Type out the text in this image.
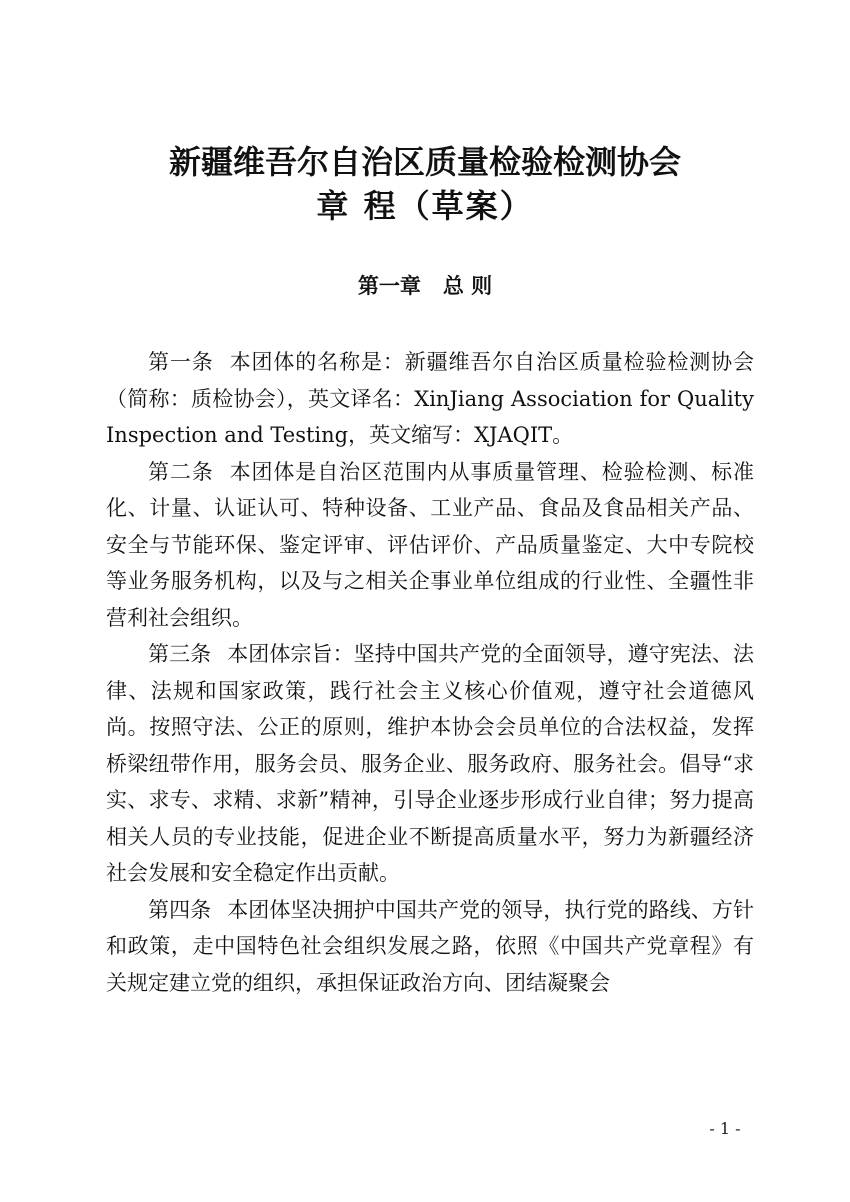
新疆维吾尔自治区质量检验检测协会
章 程（草案）
第一章 总 则

第一条 本团体的名称是：新疆维吾尔自治区质量检验检测协会（简称：质检协会），英文译名：XinJiang Association for Quality Inspection and Testing，英文缩写：XJAQIT。

第二条 本团体是自治区范围内从事质量管理、检验检测、标准化、计量、认证认可、特种设备、工业产品、食品及食品相关产品、安全与节能环保、鉴定评审、评估评价、产品质量鉴定、大中专院校等业务服务机构，以及与之相关企事业单位组成的行业性、全疆性非营利社会组织。

第三条 本团体宗旨：坚持中国共产党的全面领导，遵守宪法、法律、法规和国家政策，践行社会主义核心价值观，遵守社会道德风尚。按照守法、公正的原则，维护本协会会员单位的合法权益，发挥桥梁纽带作用，服务会员、服务企业、服务政府、服务社会。倡导“求实、求专、求精、求新”精神，引导企业逐步形成行业自律；努力提高相关人员的专业技能，促进企业不断提高质量水平，努力为新疆经济社会发展和安全稳定作出贡献。

第四条 本团体坚决拥护中国共产党的领导，执行党的路线、方针和政策，走中国特色社会组织发展之路，依照《中国共产党章程》有关规定建立党的组织，承担保证政治方向、团结凝聚会

- 1 -
